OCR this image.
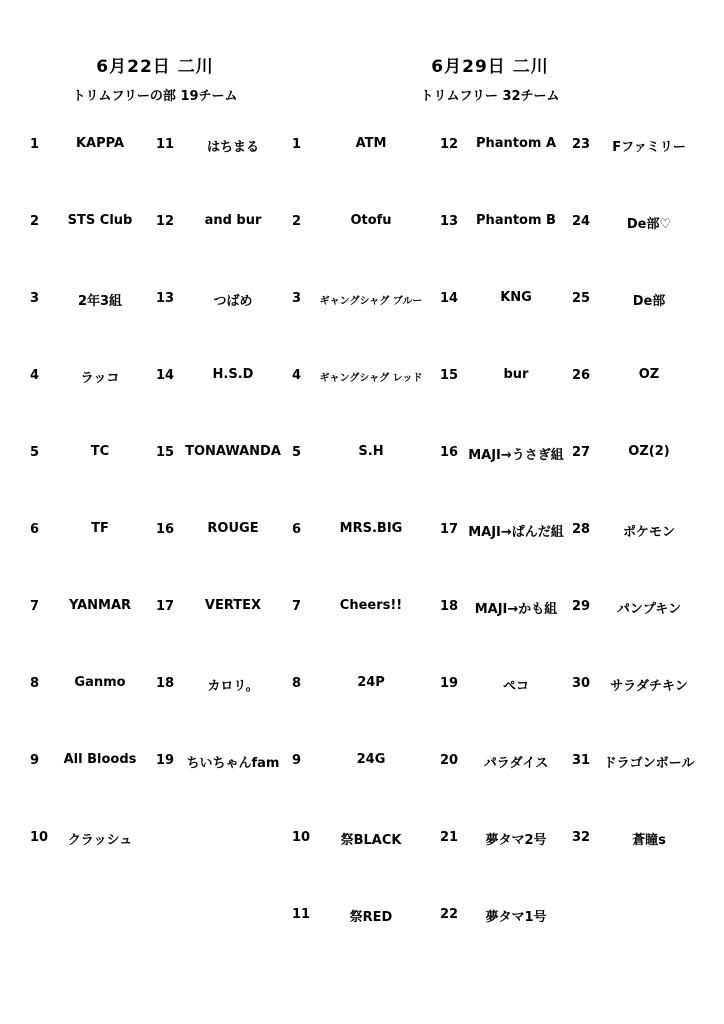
6月22日 二川
トリムフリーの部 19チーム
6月29日 二川
トリムフリー 32チーム
1	KAPPA
2	STS Club
3	2年3組
4	ラッコ
5	TC
6	TF
7	YANMAR
8	Ganmo
9	All Bloods
10	クラッシュ
11	はちまる
12	and bur
13	つばめ
14	H.S.D
15 TONAWANDA
16	ROUGE
17	VERTEX
18	カロリ。
19 ちいちゃんfam
1	ATM
2	Otofu
3	ギャングシャグ ブルー
4	ギャングシャグ レッド
5	S.H
6	MRS.BIG
7	Cheers!!
8	24P
9	24G
10	祭BLACK
11	祭RED
12	Phantom A
13	Phantom B
14	KNG
15	bur
16 MAJI→うさぎ組
17 MAJI→ぱんだ組
18	MAJI→かも組
19	ペコ
20	パラダイス
21	夢タマ2号
22	夢タマ1号
23	Fファミリー
24	De部♡
25	De部
26	OZ
27	OZ(2)
28	ポケモン
29	パンプキン
30	サラダチキン
31	ドラゴンボール
32	蒼瞳s
